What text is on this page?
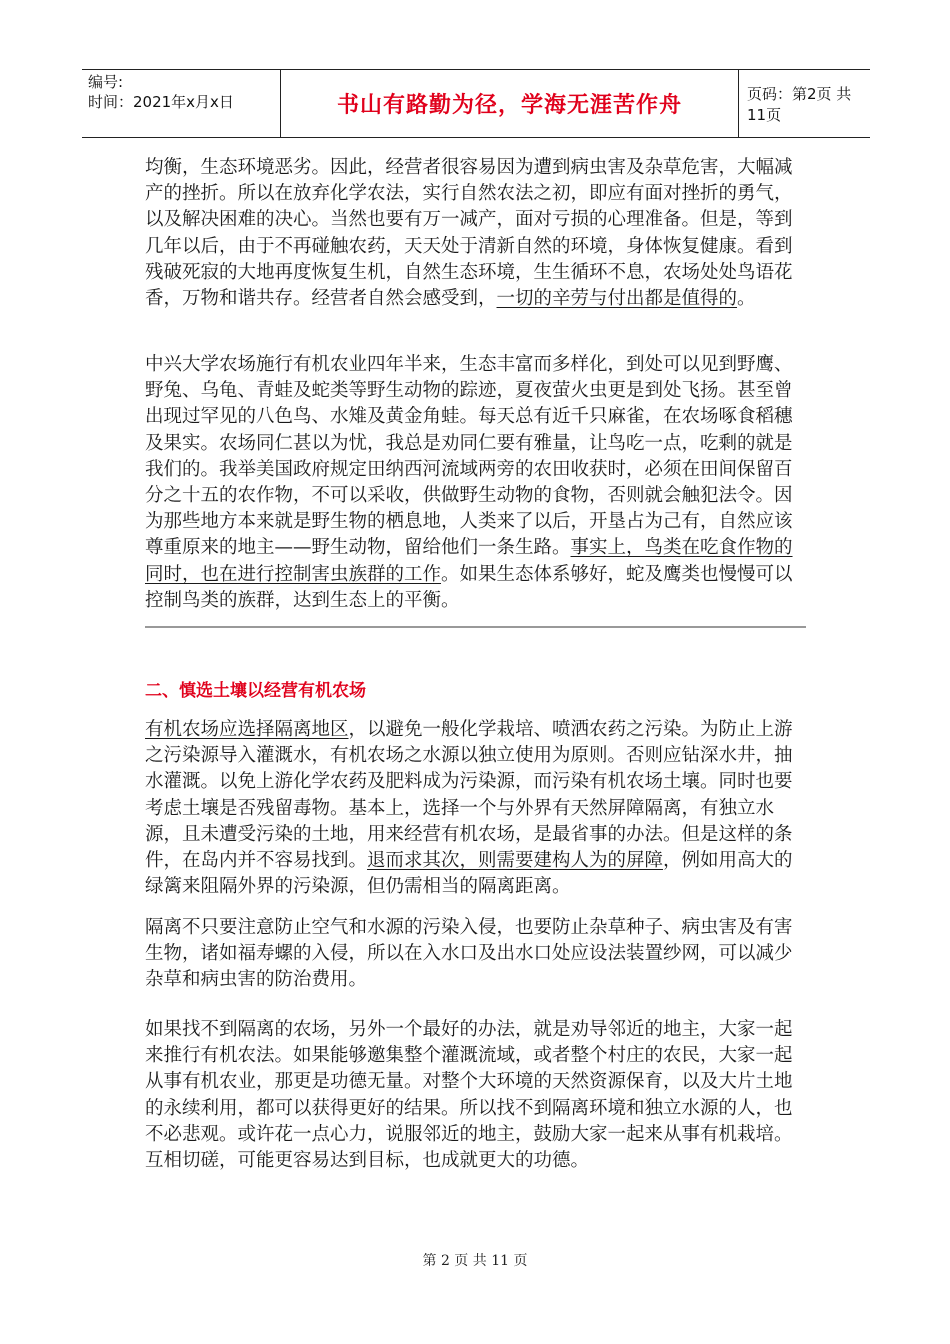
编号:
时间：2021年x月x日	书山有路勤为径，学海无涯苦作舟	页码：第2页 共11页

均衡，生态环境恶劣。因此，经营者很容易因为遭到病虫害及杂草危害，大幅减产的挫折。所以在放弃化学农法，实行自然农法之初，即应有面对挫折的勇气，以及解决困难的决心。当然也要有万一减产，面对亏损的心理准备。但是，等到几年以后，由于不再碰触农药，天天处于清新自然的环境，身体恢复健康。看到残破死寂的大地再度恢复生机，自然生态环境，生生循环不息，农场处处鸟语花香，万物和谐共存。经营者自然会感受到，一切的辛劳与付出都是值得的。

中兴大学农场施行有机农业四年半来，生态丰富而多样化，到处可以见到野鹰、野兔、乌龟、青蛙及蛇类等野生动物的踪迹，夏夜萤火虫更是到处飞扬。甚至曾出现过罕见的八色鸟、水雉及黄金角蛙。每天总有近千只麻雀，在农场啄食稻穗及果实。农场同仁甚以为忧，我总是劝同仁要有雅量，让鸟吃一点，吃剩的就是我们的。我举美国政府规定田纳西河流域两旁的农田收获时，必须在田间保留百分之十五的农作物，不可以采收，供做野生动物的食物，否则就会触犯法令。因为那些地方本来就是野生物的栖息地，人类来了以后，开垦占为己有，自然应该尊重原来的地主——野生动物，留给他们一条生路。事实上，鸟类在吃食作物的同时，也在进行控制害虫族群的工作。如果生态体系够好，蛇及鹰类也慢慢可以控制鸟类的族群，达到生态上的平衡。

二、慎选土壤以经营有机农场

有机农场应选择隔离地区，以避免一般化学栽培、喷洒农药之污染。为防止上游之污染源导入灌溉水，有机农场之水源以独立使用为原则。否则应钻深水井，抽水灌溉。以免上游化学农药及肥料成为污染源，而污染有机农场土壤。同时也要考虑土壤是否残留毒物。基本上，选择一个与外界有天然屏障隔离，有独立水源，且未遭受污染的土地，用来经营有机农场，是最省事的办法。但是这样的条件，在岛内并不容易找到。退而求其次，则需要建构人为的屏障，例如用高大的绿篱来阻隔外界的污染源，但仍需相当的隔离距离。

隔离不只要注意防止空气和水源的污染入侵，也要防止杂草种子、病虫害及有害生物，诸如福寿螺的入侵，所以在入水口及出水口处应设法装置纱网，可以减少杂草和病虫害的防治费用。

如果找不到隔离的农场，另外一个最好的办法，就是劝导邻近的地主，大家一起来推行有机农法。如果能够邀集整个灌溉流域，或者整个村庄的农民，大家一起从事有机农业，那更是功德无量。对整个大环境的天然资源保育，以及大片土地的永续利用，都可以获得更好的结果。所以找不到隔离环境和独立水源的人，也不必悲观。或许花一点心力，说服邻近的地主，鼓励大家一起来从事有机栽培。互相切磋，可能更容易达到目标，也成就更大的功德。

第 2 页 共 11 页
